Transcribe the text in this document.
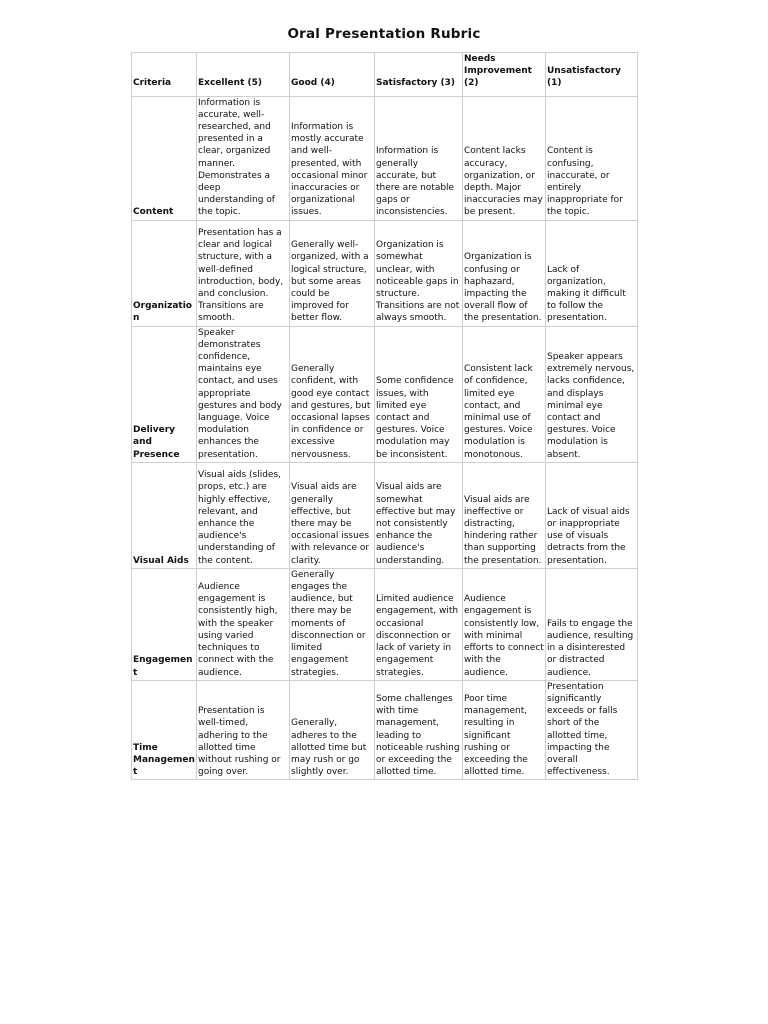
Oral Presentation Rubric
Criteria	Excellent (5)	Good (4)	Satisfactory (3)	Needs Improvement (2)	Unsatisfactory (1)
Content	Information is accurate, well-researched, and presented in a clear, organized manner. Demonstrates a deep understanding of the topic.	Information is mostly accurate and well-presented, with occasional minor inaccuracies or organizational issues.	Information is generally accurate, but there are notable gaps or inconsistencies.	Content lacks accuracy, organization, or depth. Major inaccuracies may be present.	Content is confusing, inaccurate, or entirely inappropriate for the topic.
Organization	Presentation has a clear and logical structure, with a well-defined introduction, body, and conclusion. Transitions are smooth.	Generally well-organized, with a logical structure, but some areas could be improved for better flow.	Organization is somewhat unclear, with noticeable gaps in structure. Transitions are not always smooth.	Organization is confusing or haphazard, impacting the overall flow of the presentation.	Lack of organization, making it difficult to follow the presentation.
Delivery and Presence	Speaker demonstrates confidence, maintains eye contact, and uses appropriate gestures and body language. Voice modulation enhances the presentation.	Generally confident, with good eye contact and gestures, but occasional lapses in confidence or excessive nervousness.	Some confidence issues, with limited eye contact and gestures. Voice modulation may be inconsistent.	Consistent lack of confidence, limited eye contact, and minimal use of gestures. Voice modulation is monotonous.	Speaker appears extremely nervous, lacks confidence, and displays minimal eye contact and gestures. Voice modulation is absent.
Visual Aids	Visual aids (slides, props, etc.) are highly effective, relevant, and enhance the audience's understanding of the content.	Visual aids are generally effective, but there may be occasional issues with relevance or clarity.	Visual aids are somewhat effective but may not consistently enhance the audience's understanding.	Visual aids are ineffective or distracting, hindering rather than supporting the presentation.	Lack of visual aids or inappropriate use of visuals detracts from the presentation.
Engagement	Audience engagement is consistently high, with the speaker using varied techniques to connect with the audience.	Generally engages the audience, but there may be moments of disconnection or limited engagement strategies.	Limited audience engagement, with occasional disconnection or lack of variety in engagement strategies.	Audience engagement is consistently low, with minimal efforts to connect with the audience.	Fails to engage the audience, resulting in a disinterested or distracted audience.
Time Management	Presentation is well-timed, adhering to the allotted time without rushing or going over.	Generally, adheres to the allotted time but may rush or go slightly over.	Some challenges with time management, leading to noticeable rushing or exceeding the allotted time.	Poor time management, resulting in significant rushing or exceeding the allotted time.	Presentation significantly exceeds or falls short of the allotted time, impacting the overall effectiveness.
